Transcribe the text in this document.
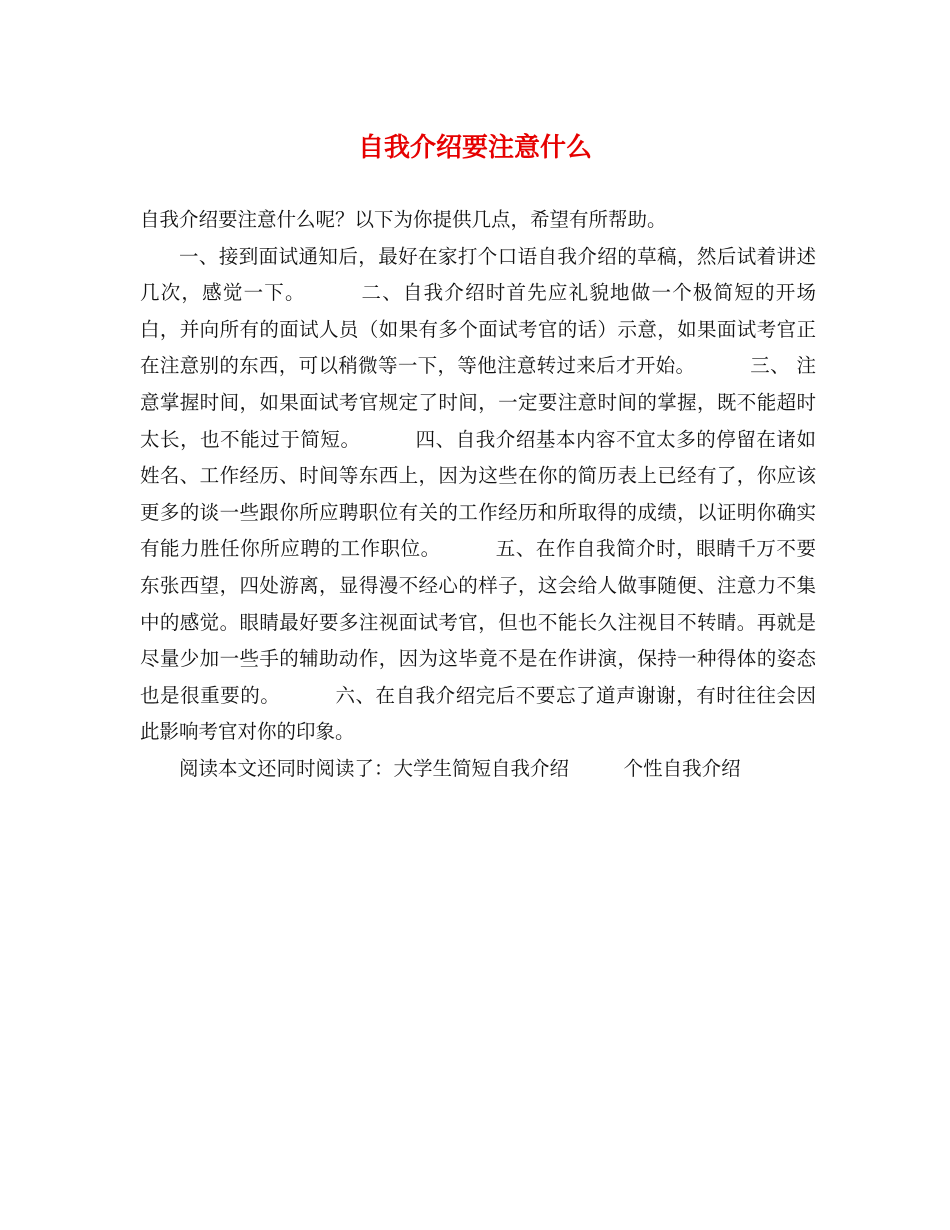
自我介绍要注意什么

自我介绍要注意什么呢？以下为你提供几点，希望有所帮助。

一、接到面试通知后，最好在家打个口语自我介绍的草稿，然后试着讲述几次，感觉一下。	二、自我介绍时首先应礼貌地做一个极简短的开场白，并向所有的面试人员（如果有多个面试考官的话）示意，如果面试考官正在注意别的东西，可以稍微等一下，等他注意转过来后才开始。	三、 注意掌握时间，如果面试考官规定了时间，一定要注意时间的掌握，既不能超时太长，也不能过于简短。	四、自我介绍基本内容不宜太多的停留在诸如姓名、工作经历、时间等东西上，因为这些在你的简历表上已经有了，你应该更多的谈一些跟你所应聘职位有关的工作经历和所取得的成绩，以证明你确实有能力胜任你所应聘的工作职位。	五、在作自我简介时，眼睛千万不要东张西望，四处游离，显得漫不经心的样子，这会给人做事随便、注意力不集中的感觉。眼睛最好要多注视面试考官，但也不能长久注视目不转睛。再就是尽量少加一些手的辅助动作，因为这毕竟不是在作讲演，保持一种得体的姿态也是很重要的。	六、在自我介绍完后不要忘了道声谢谢，有时往往会因此影响考官对你的印象。

阅读本文还同时阅读了：大学生简短自我介绍	个性自我介绍
